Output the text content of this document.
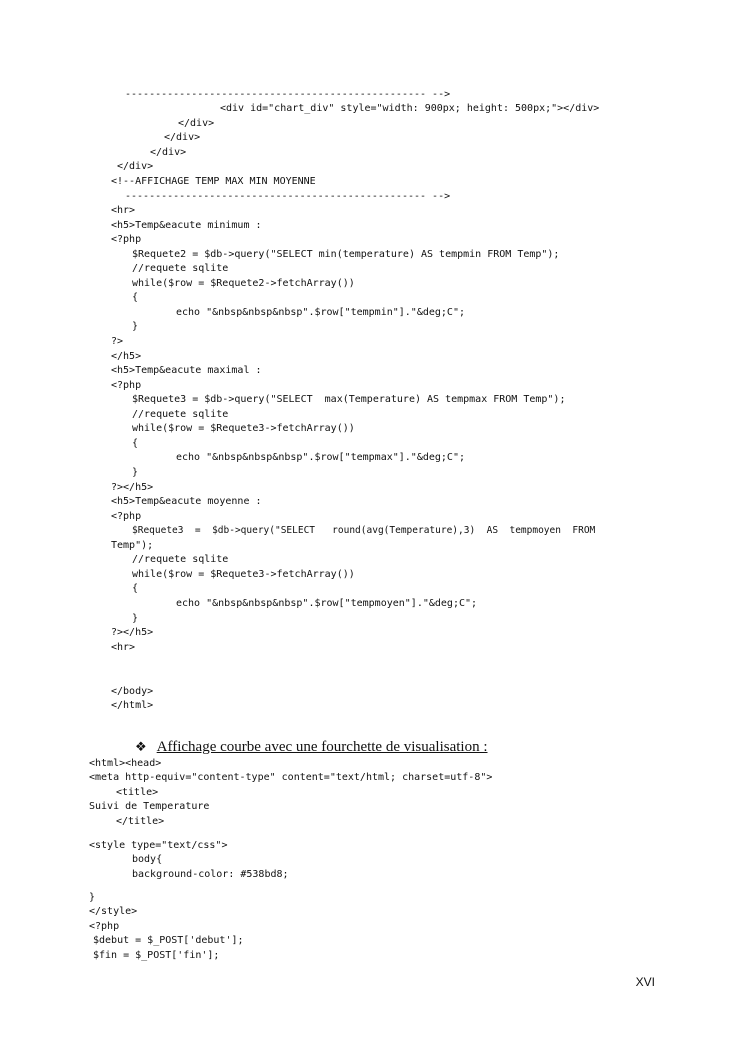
-------------------------------------------------- -->

<div id="chart_div" style="width: 900px; height: 500px;"></div>

</div>

</div>

</div>

</div>

<!--AFFICHAGE TEMP MAX MIN MOYENNE

-------------------------------------------------- -->

<hr>

<h5>Temp&eacute minimum :

<?php

$Requete2 = $db->query("SELECT min(temperature) AS tempmin FROM Temp");

//requete sqlite

while($row = $Requete2->fetchArray())

{

echo "&nbsp&nbsp&nbsp".$row["tempmin"]."&deg;C";

}

?>

</h5>

<h5>Temp&eacute maximal :

<?php

$Requete3 = $db->query("SELECT  max(Temperature) AS tempmax FROM Temp");

//requete sqlite

while($row = $Requete3->fetchArray())

{

echo "&nbsp&nbsp&nbsp".$row["tempmax"]."&deg;C";

}

?></h5>

<h5>Temp&eacute moyenne :

<?php

$Requete3  =  $db->query("SELECT   round(avg(Temperature),3)  AS  tempmoyen  FROM

Temp");

//requete sqlite

while($row = $Requete3->fetchArray())

{

echo "&nbsp&nbsp&nbsp".$row["tempmoyen"]."&deg;C";

}

?></h5>

<hr>

</body>

</html>

❖ Affichage courbe avec une fourchette de visualisation :

<html><head>

<meta http-equiv="content-type" content="text/html; charset=utf-8">

<title>

Suivi de Temperature

</title>

<style type="text/css">

body{

background-color: #538bd8;

}

</style>

<?php

$debut = $_POST['debut'];

$fin = $_POST['fin'];

XVI
